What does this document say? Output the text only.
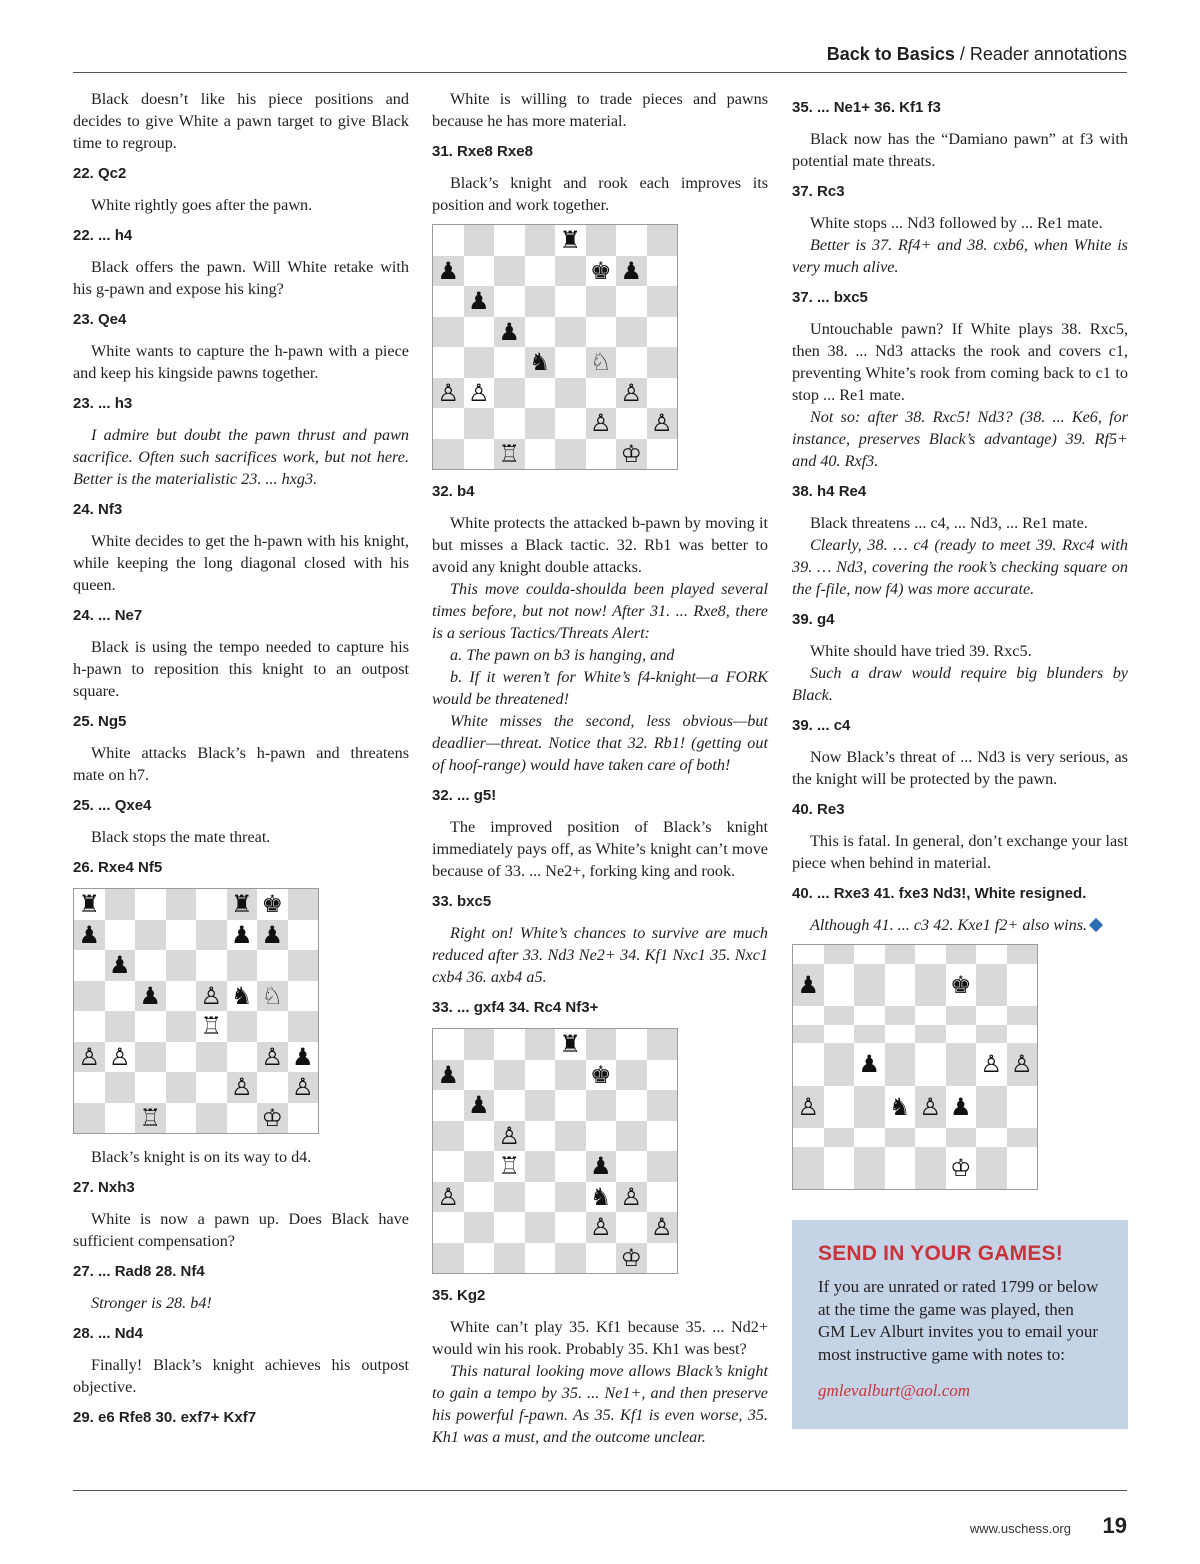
Back to Basics / Reader annotations

Black doesn’t like his piece positions and decides to give White a pawn target to give Black time to regroup.

22. Qc2

White rightly goes after the pawn.

22. ... h4

Black offers the pawn. Will White retake with his g-pawn and expose his king?

23. Qe4

White wants to capture the h-pawn with a piece and keep his kingside pawns together.

23. ... h3

I admire but doubt the pawn thrust and pawn sacrifice. Often such sacrifices work, but not here. Better is the materialistic 23. ... hxg3.

24. Nf3

White decides to get the h-pawn with his knight, while keeping the long diagonal closed with his queen.

24. ... Ne7

Black is using the tempo needed to capture his h-pawn to reposition this knight to an outpost square.

25. Ng5

White attacks Black’s h-pawn and threatens mate on h7.

25. ... Qxe4

Black stops the mate threat.

26. Rxe4 Nf5
♜	♜ ♚
♟	♟ ♟
♟
♟ ♙ ♞ ♘
♖
♙ ♙	♙ ♟
♙ ♙
♖	♔

Black’s knight is on its way to d4.

27. Nxh3

White is now a pawn up. Does Black have sufficient compensation?

27. ... Rad8 28. Nf4

Stronger is 28. b4!

28. ... Nd4

Finally! Black’s knight achieves his outpost objective.

29. e6 Rfe8 30. exf7+ Kxf7

White is willing to trade pieces and pawns because he has more material.

31. Rxe8 Rxe8

Black’s knight and rook each improves its position and work together.

♜
♟	♚ ♟
♟
♟
♞ ♘
♙ ♙	♙
♙ ♙
♖	♔
32. b4

White protects the attacked b-pawn by moving it but misses a Black tactic. 32. Rb1 was better to avoid any knight double attacks.

This move coulda-shoulda been played several times before, but not now! After 31. ... Rxe8, there is a serious Tactics/Threats Alert:

a. The pawn on b3 is hanging, and

b. If it weren’t for White’s f4-knight—a FORK would be threatened!

White misses the second, less obvious—but deadlier—threat. Notice that 32. Rb1! (getting out of hoof-range) would have taken care of both!

32. ... g5!

The improved position of Black’s knight immediately pays off, as White’s knight can’t move because of 33. ... Ne2+, forking king and rook.

33. bxc5

Right on! White’s chances to survive are much reduced after 33. Nd3 Ne2+ 34. Kf1 Nxc1 35. Nxc1 cxb4 36. axb4 a5.

33. ... gxf4 34. Rc4 Nf3+
♜
♟	♚
♟
♙
♖	♟
♙	♞ ♙
♙ ♙
♔
35. Kg2

White can’t play 35. Kf1 because 35. ... Nd2+ would win his rook. Probably 35. Kh1 was best?

This natural looking move allows Black’s knight to gain a tempo by 35. ... Ne1+, and then preserve his powerful f-pawn. As 35. Kf1 is even worse, 35. Kh1 was a must, and the outcome unclear.

35. ... Ne1+ 36. Kf1 f3

Black now has the “Damiano pawn” at f3 with potential mate threats.

37. Rc3

White stops ... Nd3 followed by ... Re1 mate.

Better is 37. Rf4+ and 38. cxb6, when White is very much alive.

37. ... bxc5

Untouchable pawn? If White plays 38. Rxc5, then 38. ... Nd3 attacks the rook and covers c1, preventing White’s rook from coming back to c1 to stop ... Re1 mate.

Not so: after 38. Rxc5! Nd3? (38. ... Ke6, for instance, preserves Black’s advantage) 39. Rf5+ and 40. Rxf3.

38. h4 Re4

Black threatens ... c4, ... Nd3, ... Re1 mate.

Clearly, 38. … c4 (ready to meet 39. Rxc4 with 39. … Nd3, covering the rook’s checking square on the f-file, now f4) was more accurate.

39. g4

White should have tried 39. Rxc5.

Such a draw would require big blunders by Black.

39. ... c4

Now Black’s threat of ... Nd3 is very serious, as the knight will be protected by the pawn.

40. Re3

This is fatal. In general, don’t exchange your last piece when behind in material.

40. ... Rxe3 41. fxe3 Nd3!, White resigned.

Although 41. ... c3 42. Kxe1 f2+ also wins.

♟	♚
♟	♙ ♙
♙	♞ ♙ ♟
♔
SEND IN YOUR GAMES!

If you are unrated or rated 1799 or below at the time the game was played, then GM Lev Alburt invites you to email your most instructive game with notes to:

gmlevalburt@aol.com

www.uschess.org 19
